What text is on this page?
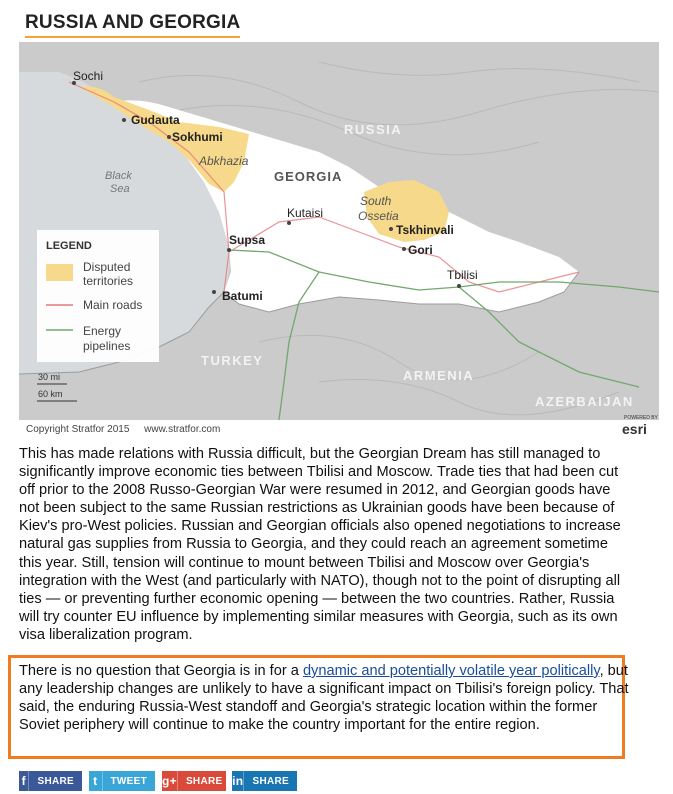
RUSSIA AND GEORGIA
Sochi
Gudauta
Sokhumi
Abkhazia
RUSSIA
GEORGIA
Black
Sea
Kutaisi
South
Ossetia
Tskhinvali
Supsa
Gori
Tbilisi
Batumi
TURKEY
ARMENIA
AZERBAIJAN
LEGEND
Disputed
territories
Main roads
Energy
pipelines
30 mi
60 km
Copyright Stratfor 2015 www.stratfor.com
POWERED BY
esri
This has made relations with Russia difficult, but the Georgian Dream has still managed to significantly improve economic ties between Tbilisi and Moscow. Trade ties that had been cut off prior to the 2008 Russo-Georgian War were resumed in 2012, and Georgian goods have not been subject to the same Russian restrictions as Ukrainian goods have been because of Kiev's pro-West policies. Russian and Georgian officials also opened negotiations to increase natural gas supplies from Russia to Georgia, and they could reach an agreement sometime this year. Still, tension will continue to mount between Tbilisi and Moscow over Georgia's integration with the West (and particularly with NATO), though not to the point of disrupting all ties — or preventing further economic opening — between the two countries. Rather, Russia will try counter EU influence by implementing similar measures with Georgia, such as its own visa liberalization program.
There is no question that Georgia is in for a dynamic and potentially volatile year politically, but any leadership changes are unlikely to have a significant impact on Tbilisi's foreign policy. That said, the enduring Russia-West standoff and Georgia's strategic location within the former Soviet periphery will continue to make the country important for the entire region.
f	SHARE	t	TWEET	g+ SHARE in SHARE
